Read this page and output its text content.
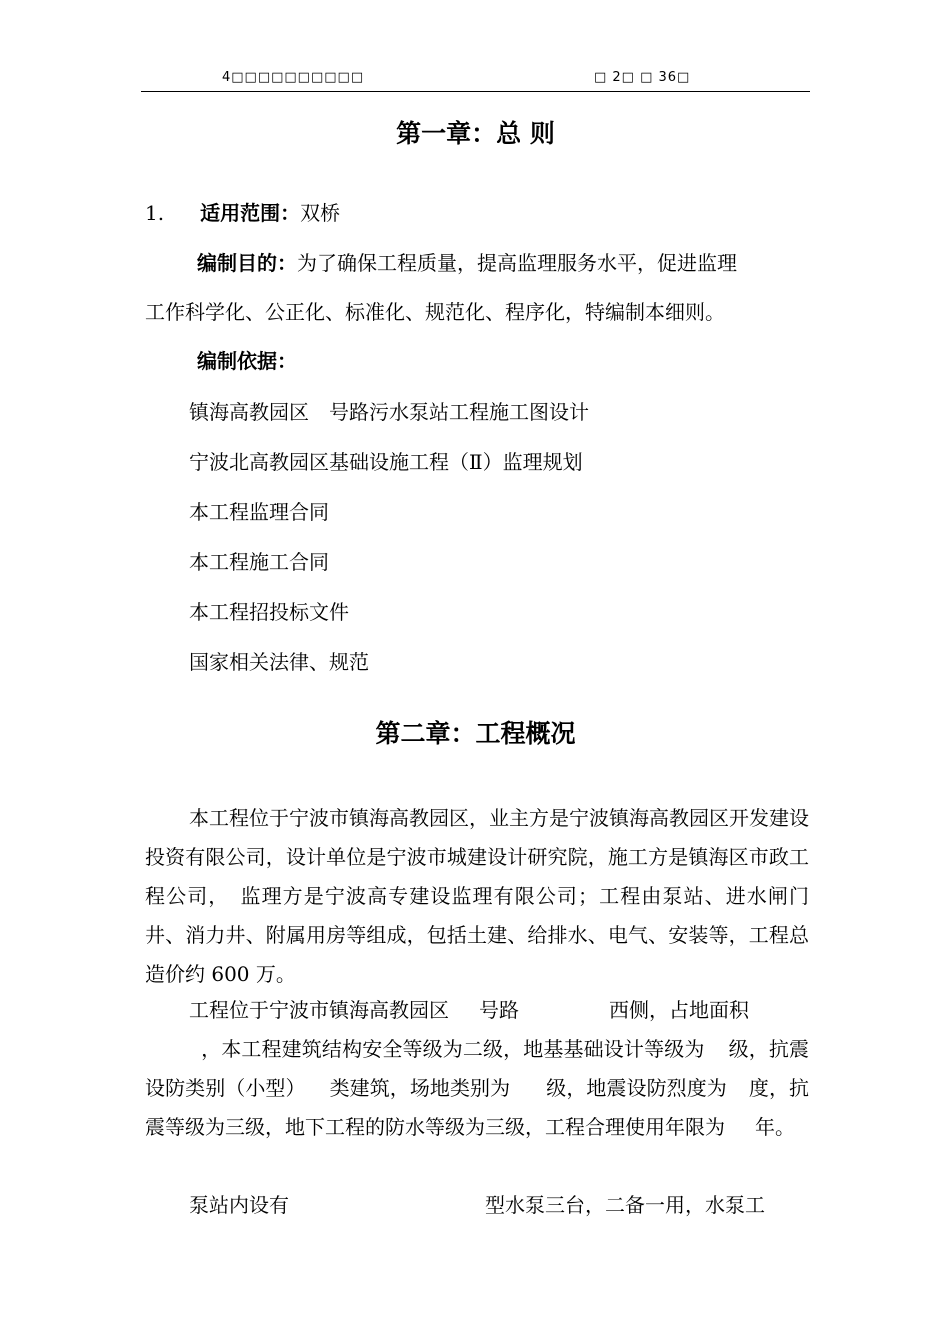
4□□□□□□□□□□	□ 2□ □ 36□
第一章：总 则
1. 适用范围：双桥
编制目的：为了确保工程质量，提高监理服务水平，促进监理
工作科学化、公正化、标准化、规范化、程序化，特编制本细则。
编制依据：
镇海高教园区　号路污水泵站工程施工图设计
宁波北高教园区基础设施工程（Ⅱ）监理规划
本工程监理合同
本工程施工合同
本工程招投标文件
国家相关法律、规范
第二章：工程概况
本工程位于宁波市镇海高教园区，业主方是宁波镇海高教园区开发建设投资有限公司，设计单位是宁波市城建设计研究院，施工方是镇海区市政工程公司，　监理方是宁波高专建设监理有限公司；工程由泵站、进水闸门井、消力井、附属用房等组成，包括土建、给排水、电气、安装等，工程总造价约 600 万。
工程位于宁波市镇海高教园区 号路	西侧，占地面积
，本工程建筑结构安全等级为二级，地基基础设计等级为 级，抗震设防类别（小型） 类建筑，场地类别为 级，地震设防烈度为 度，抗震等级为三级，地下工程的防水等级为三级，工程合理使用年限为 年。
泵站内设有	型水泵三台，二备一用，水泵工
